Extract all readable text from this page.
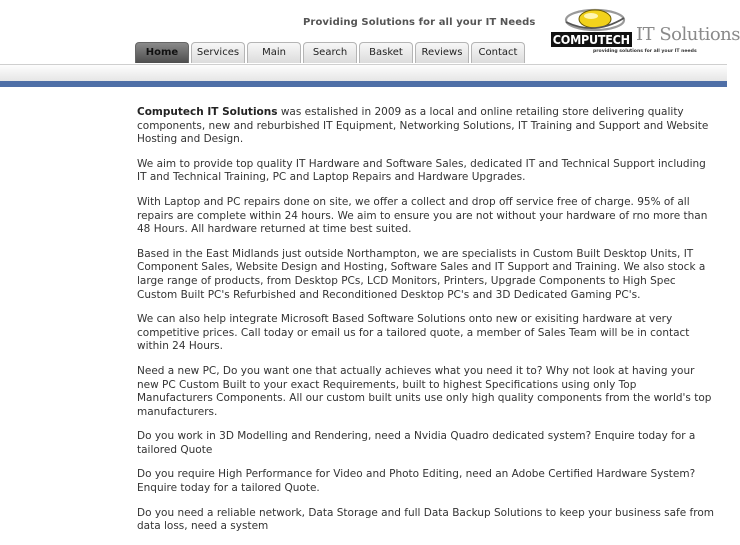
Providing Solutions for all your IT Needs
COMPUTECH IT Solutions
providing solutions for all your IT needs
Home	Services	Main	Search	Basket	Reviews	Contact

Computech IT Solutions was estalished in 2009 as a local and online retailing store delivering quality components, new and reburbished IT Equipment, Networking Solutions, IT Training and Support and Website Hosting and Design.

We aim to provide top quality IT Hardware and Software Sales, dedicated IT and Technical Support including IT and Technical Training, PC and Laptop Repairs and Hardware Upgrades.

With Laptop and PC repairs done on site, we offer a collect and drop off service free of charge. 95% of all repairs are complete within 24 hours. We aim to ensure you are not without your hardware of rno more than 48 Hours. All hardware returned at time best suited.

Based in the East Midlands just outside Northampton, we are specialists in Custom Built Desktop Units, IT Component Sales, Website Design and Hosting, Software Sales and IT Support and Training. We also stock a large range of products, from Desktop PCs, LCD Monitors, Printers, Upgrade Components to High Spec Custom Built PC's Refurbished and Reconditioned Desktop PC's and 3D Dedicated Gaming PC's.

We can also help integrate Microsoft Based Software Solutions onto new or exisiting hardware at very competitive prices. Call today or email us for a tailored quote, a member of Sales Team will be in contact within 24 Hours.

Need a new PC, Do you want one that actually achieves what you need it to? Why not look at having your new PC Custom Built to your exact Requirements, built to highest Specifications using only Top Manufacturers Components. All our custom built units use only high quality components from the world's top manufacturers.

Do you work in 3D Modelling and Rendering, need a Nvidia Quadro dedicated system? Enquire today for a tailored Quote

Do you require High Performance for Video and Photo Editing, need an Adobe Certified Hardware System? Enquire today for a tailored Quote.

Do you need a reliable network, Data Storage and full Data Backup Solutions to keep your business safe from data loss, need a system
